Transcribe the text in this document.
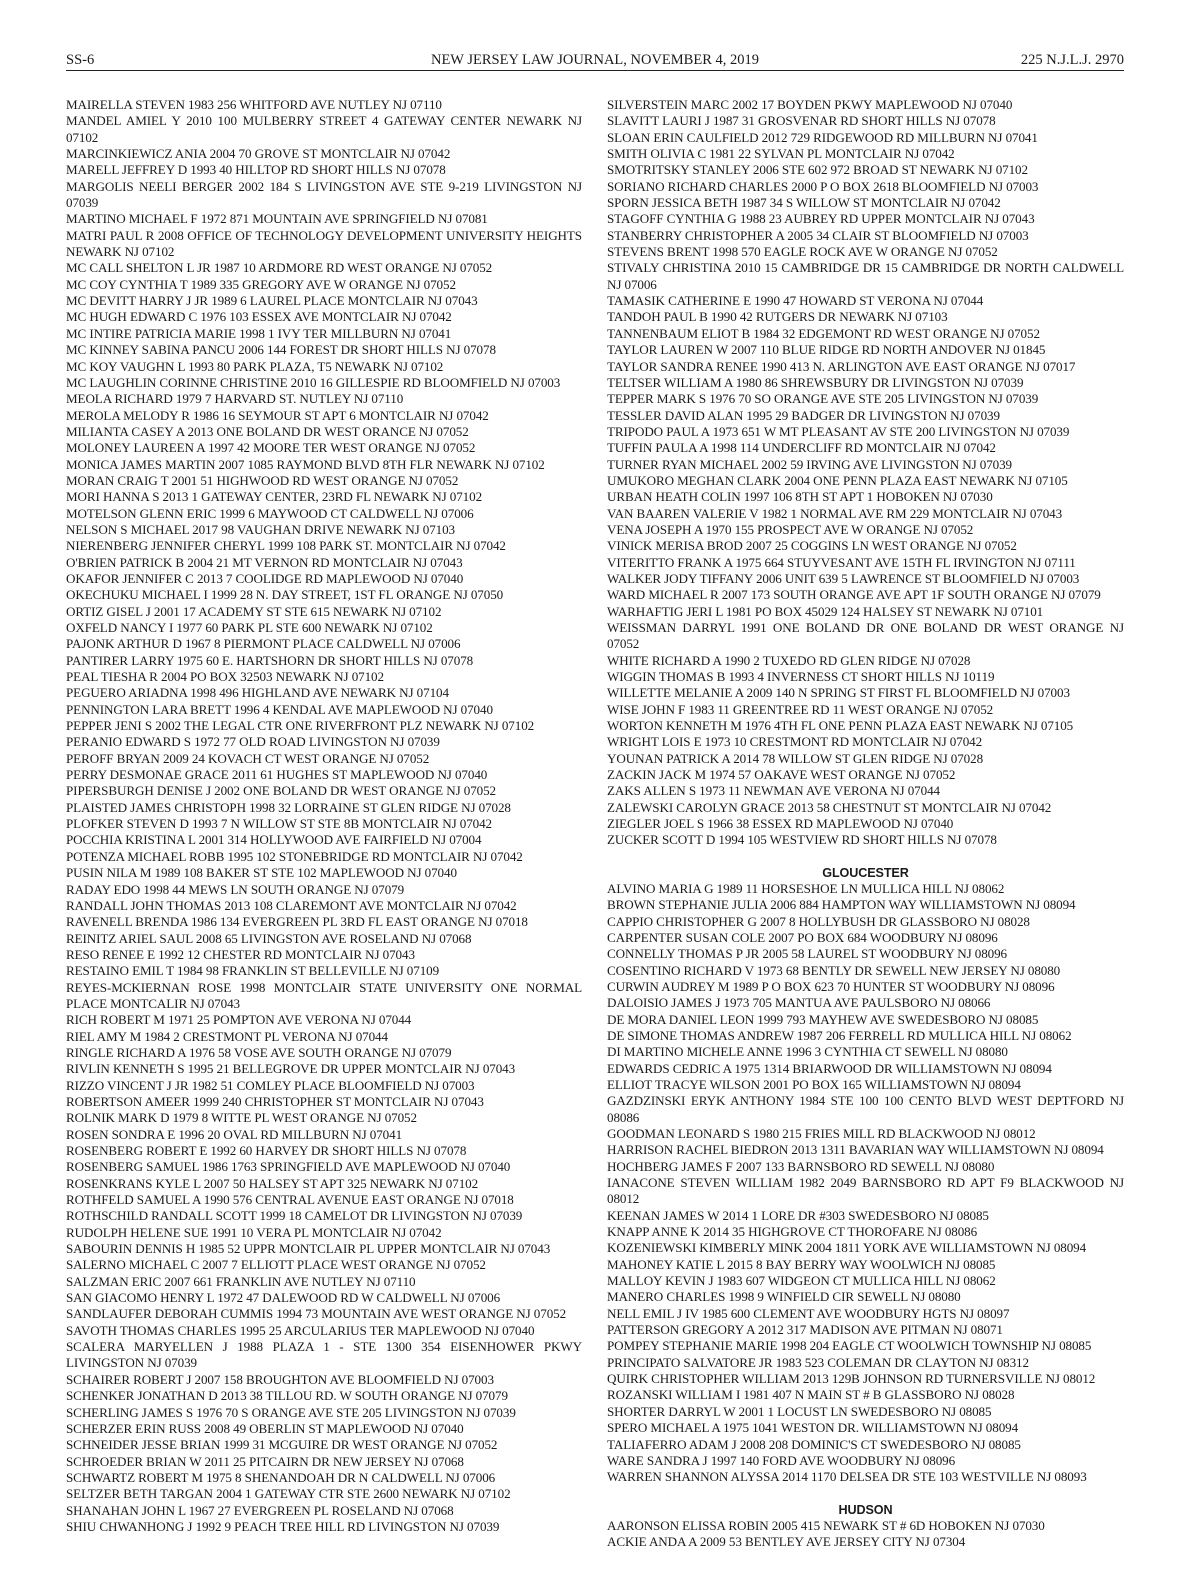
SS-6	NEW JERSEY LAW JOURNAL, NOVEMBER 4, 2019	225 N.J.L.J. 2970

MAIRELLA STEVEN 1983 256 WHITFORD AVE NUTLEY NJ 07110

MANDEL AMIEL Y 2010 100 MULBERRY STREET 4 GATEWAY CENTER NEWARK NJ 07102

MARCINKIEWICZ ANIA 2004 70 GROVE ST MONTCLAIR NJ 07042

MARELL JEFFREY D 1993 40 HILLTOP RD SHORT HILLS NJ 07078

MARGOLIS NEELI BERGER 2002 184 S LIVINGSTON AVE STE 9-219 LIVINGSTON NJ 07039

MARTINO MICHAEL F 1972 871 MOUNTAIN AVE SPRINGFIELD NJ 07081

MATRI PAUL R 2008 OFFICE OF TECHNOLOGY DEVELOPMENT UNIVERSITY HEIGHTS NEWARK NJ 07102

MC CALL SHELTON L JR 1987 10 ARDMORE RD WEST ORANGE NJ 07052

MC COY CYNTHIA T 1989 335 GREGORY AVE W ORANGE NJ 07052

MC DEVITT HARRY J JR 1989 6 LAUREL PLACE MONTCLAIR NJ 07043

MC HUGH EDWARD C 1976 103 ESSEX AVE MONTCLAIR NJ 07042

MC INTIRE PATRICIA MARIE 1998 1 IVY TER MILLBURN NJ 07041

MC KINNEY SABINA PANCU 2006 144 FOREST DR SHORT HILLS NJ 07078

MC KOY VAUGHN L 1993 80 PARK PLAZA, T5 NEWARK NJ 07102

MC LAUGHLIN CORINNE CHRISTINE 2010 16 GILLESPIE RD BLOOMFIELD NJ 07003

MEOLA RICHARD 1979 7 HARVARD ST. NUTLEY NJ 07110

MEROLA MELODY R 1986 16 SEYMOUR ST APT 6 MONTCLAIR NJ 07042

MILIANTA CASEY A 2013 ONE BOLAND DR WEST ORANCE NJ 07052

MOLONEY LAUREEN A 1997 42 MOORE TER WEST ORANGE NJ 07052

MONICA JAMES MARTIN 2007 1085 RAYMOND BLVD 8TH FLR NEWARK NJ 07102

MORAN CRAIG T 2001 51 HIGHWOOD RD WEST ORANGE NJ 07052

MORI HANNA S 2013 1 GATEWAY CENTER, 23RD FL NEWARK NJ 07102

MOTELSON GLENN ERIC 1999 6 MAYWOOD CT CALDWELL NJ 07006

NELSON S MICHAEL 2017 98 VAUGHAN DRIVE NEWARK NJ 07103

NIERENBERG JENNIFER CHERYL 1999 108 PARK ST. MONTCLAIR NJ 07042

O'BRIEN PATRICK B 2004 21 MT VERNON RD MONTCLAIR NJ 07043

OKAFOR JENNIFER C 2013 7 COOLIDGE RD MAPLEWOOD NJ 07040

OKECHUKU MICHAEL I 1999 28 N. DAY STREET, 1ST FL ORANGE NJ 07050

ORTIZ GISEL J 2001 17 ACADEMY ST STE 615 NEWARK NJ 07102

OXFELD NANCY I 1977 60 PARK PL STE 600 NEWARK NJ 07102

PAJONK ARTHUR D 1967 8 PIERMONT PLACE CALDWELL NJ 07006

PANTIRER LARRY 1975 60 E. HARTSHORN DR SHORT HILLS NJ 07078

PEAL TIESHA R 2004 PO BOX 32503 NEWARK NJ 07102

PEGUERO ARIADNA 1998 496 HIGHLAND AVE NEWARK NJ 07104

PENNINGTON LARA BRETT 1996 4 KENDAL AVE MAPLEWOOD NJ 07040

PEPPER JENI S 2002 THE LEGAL CTR ONE RIVERFRONT PLZ NEWARK NJ 07102

PERANIO EDWARD S 1972 77 OLD ROAD LIVINGSTON NJ 07039

PEROFF BRYAN 2009 24 KOVACH CT WEST ORANGE NJ 07052

PERRY DESMONAE GRACE 2011 61 HUGHES ST MAPLEWOOD NJ 07040

PIPERSBURGH DENISE J 2002 ONE BOLAND DR WEST ORANGE NJ 07052

PLAISTED JAMES CHRISTOPH 1998 32 LORRAINE ST GLEN RIDGE NJ 07028

PLOFKER STEVEN D 1993 7 N WILLOW ST STE 8B MONTCLAIR NJ 07042

POCCHIA KRISTINA L 2001 314 HOLLYWOOD AVE FAIRFIELD NJ 07004

POTENZA MICHAEL ROBB 1995 102 STONEBRIDGE RD MONTCLAIR NJ 07042

PUSIN NILA M 1989 108 BAKER ST STE 102 MAPLEWOOD NJ 07040

RADAY EDO 1998 44 MEWS LN SOUTH ORANGE NJ 07079

RANDALL JOHN THOMAS 2013 108 CLAREMONT AVE MONTCLAIR NJ 07042

RAVENELL BRENDA 1986 134 EVERGREEN PL 3RD FL EAST ORANGE NJ 07018

REINITZ ARIEL SAUL 2008 65 LIVINGSTON AVE ROSELAND NJ 07068

RESO RENEE E 1992 12 CHESTER RD MONTCLAIR NJ 07043

RESTAINO EMIL T 1984 98 FRANKLIN ST BELLEVILLE NJ 07109

REYES-MCKIERNAN ROSE 1998 MONTCLAIR STATE UNIVERSITY ONE NORMAL PLACE MONTCALIR NJ 07043

RICH ROBERT M 1971 25 POMPTON AVE VERONA NJ 07044

RIEL AMY M 1984 2 CRESTMONT PL VERONA NJ 07044

RINGLE RICHARD A 1976 58 VOSE AVE SOUTH ORANGE NJ 07079

RIVLIN KENNETH S 1995 21 BELLEGROVE DR UPPER MONTCLAIR NJ 07043

RIZZO VINCENT J JR 1982 51 COMLEY PLACE BLOOMFIELD NJ 07003

ROBERTSON AMEER 1999 240 CHRISTOPHER ST MONTCLAIR NJ 07043

ROLNIK MARK D 1979 8 WITTE PL WEST ORANGE NJ 07052

ROSEN SONDRA E 1996 20 OVAL RD MILLBURN NJ 07041

ROSENBERG ROBERT E 1992 60 HARVEY DR SHORT HILLS NJ 07078

ROSENBERG SAMUEL 1986 1763 SPRINGFIELD AVE MAPLEWOOD NJ 07040

ROSENKRANS KYLE L 2007 50 HALSEY ST APT 325 NEWARK NJ 07102

ROTHFELD SAMUEL A 1990 576 CENTRAL AVENUE EAST ORANGE NJ 07018

ROTHSCHILD RANDALL SCOTT 1999 18 CAMELOT DR LIVINGSTON NJ 07039

RUDOLPH HELENE SUE 1991 10 VERA PL MONTCLAIR NJ 07042

SABOURIN DENNIS H 1985 52 UPPR MONTCLAIR PL UPPER MONTCLAIR NJ 07043

SALERNO MICHAEL C 2007 7 ELLIOTT PLACE WEST ORANGE NJ 07052

SALZMAN ERIC 2007 661 FRANKLIN AVE NUTLEY NJ 07110

SAN GIACOMO HENRY L 1972 47 DALEWOOD RD W CALDWELL NJ 07006

SANDLAUFER DEBORAH CUMMIS 1994 73 MOUNTAIN AVE WEST ORANGE NJ 07052

SAVOTH THOMAS CHARLES 1995 25 ARCULARIUS TER MAPLEWOOD NJ 07040

SCALERA MARYELLEN J 1988 PLAZA 1 - STE 1300 354 EISENHOWER PKWY LIVINGSTON NJ 07039

SCHAIRER ROBERT J 2007 158 BROUGHTON AVE BLOOMFIELD NJ 07003

SCHENKER JONATHAN D 2013 38 TILLOU RD. W SOUTH ORANGE NJ 07079

SCHERLING JAMES S 1976 70 S ORANGE AVE STE 205 LIVINGSTON NJ 07039

SCHERZER ERIN RUSS 2008 49 OBERLIN ST MAPLEWOOD NJ 07040

SCHNEIDER JESSE BRIAN 1999 31 MCGUIRE DR WEST ORANGE NJ 07052

SCHROEDER BRIAN W 2011 25 PITCAIRN DR NEW JERSEY NJ 07068

SCHWARTZ ROBERT M 1975 8 SHENANDOAH DR N CALDWELL NJ 07006

SELTZER BETH TARGAN 2004 1 GATEWAY CTR STE 2600 NEWARK NJ 07102

SHANAHAN JOHN L 1967 27 EVERGREEN PL ROSELAND NJ 07068

SHIU CHWANHONG J 1992 9 PEACH TREE HILL RD LIVINGSTON NJ 07039

SILVERSTEIN MARC 2002 17 BOYDEN PKWY MAPLEWOOD NJ 07040

SLAVITT LAURI J 1987 31 GROSVENAR RD SHORT HILLS NJ 07078

SLOAN ERIN CAULFIELD 2012 729 RIDGEWOOD RD MILLBURN NJ 07041

SMITH OLIVIA C 1981 22 SYLVAN PL MONTCLAIR NJ 07042

SMOTRITSKY STANLEY 2006 STE 602 972 BROAD ST NEWARK NJ 07102

SORIANO RICHARD CHARLES 2000 P O BOX 2618 BLOOMFIELD NJ 07003

SPORN JESSICA BETH 1987 34 S WILLOW ST MONTCLAIR NJ 07042

STAGOFF CYNTHIA G 1988 23 AUBREY RD UPPER MONTCLAIR NJ 07043

STANBERRY CHRISTOPHER A 2005 34 CLAIR ST BLOOMFIELD NJ 07003

STEVENS BRENT 1998 570 EAGLE ROCK AVE W ORANGE NJ 07052

STIVALY CHRISTINA 2010 15 CAMBRIDGE DR 15 CAMBRIDGE DR NORTH CALDWELL NJ 07006

TAMASIK CATHERINE E 1990 47 HOWARD ST VERONA NJ 07044

TANDOH PAUL B 1990 42 RUTGERS DR NEWARK NJ 07103

TANNENBAUM ELIOT B 1984 32 EDGEMONT RD WEST ORANGE NJ 07052

TAYLOR LAUREN W 2007 110 BLUE RIDGE RD NORTH ANDOVER NJ 01845

TAYLOR SANDRA RENEE 1990 413 N. ARLINGTON AVE EAST ORANGE NJ 07017

TELTSER WILLIAM A 1980 86 SHREWSBURY DR LIVINGSTON NJ 07039

TEPPER MARK S 1976 70 SO ORANGE AVE STE 205 LIVINGSTON NJ 07039

TESSLER DAVID ALAN 1995 29 BADGER DR LIVINGSTON NJ 07039

TRIPODO PAUL A 1973 651 W MT PLEASANT AV STE 200 LIVINGSTON NJ 07039

TUFFIN PAULA A 1998 114 UNDERCLIFF RD MONTCLAIR NJ 07042

TURNER RYAN MICHAEL 2002 59 IRVING AVE LIVINGSTON NJ 07039

UMUKORO MEGHAN CLARK 2004 ONE PENN PLAZA EAST NEWARK NJ 07105

URBAN HEATH COLIN 1997 106 8TH ST APT 1 HOBOKEN NJ 07030

VAN BAAREN VALERIE V 1982 1 NORMAL AVE RM 229 MONTCLAIR NJ 07043

VENA JOSEPH A 1970 155 PROSPECT AVE W ORANGE NJ 07052

VINICK MERISA BROD 2007 25 COGGINS LN WEST ORANGE NJ 07052

VITERITTO FRANK A 1975 664 STUYVESANT AVE 15TH FL IRVINGTON NJ 07111

WALKER JODY TIFFANY 2006 UNIT 639 5 LAWRENCE ST BLOOMFIELD NJ 07003

WARD MICHAEL R 2007 173 SOUTH ORANGE AVE APT 1F SOUTH ORANGE NJ 07079

WARHAFTIG JERI L 1981 PO BOX 45029 124 HALSEY ST NEWARK NJ 07101

WEISSMAN DARRYL 1991 ONE BOLAND DR ONE BOLAND DR WEST ORANGE NJ 07052

WHITE RICHARD A 1990 2 TUXEDO RD GLEN RIDGE NJ 07028

WIGGIN THOMAS B 1993 4 INVERNESS CT SHORT HILLS NJ 10119

WILLETTE MELANIE A 2009 140 N SPRING ST FIRST FL BLOOMFIELD NJ 07003

WISE JOHN F 1983 11 GREENTREE RD 11 WEST ORANGE NJ 07052

WORTON KENNETH M 1976 4TH FL ONE PENN PLAZA EAST NEWARK NJ 07105

WRIGHT LOIS E 1973 10 CRESTMONT RD MONTCLAIR NJ 07042

YOUNAN PATRICK A 2014 78 WILLOW ST GLEN RIDGE NJ 07028

ZACKIN JACK M 1974 57 OAKAVE WEST ORANGE NJ 07052

ZAKS ALLEN S 1973 11 NEWMAN AVE VERONA NJ 07044

ZALEWSKI CAROLYN GRACE 2013 58 CHESTNUT ST MONTCLAIR NJ 07042

ZIEGLER JOEL S 1966 38 ESSEX RD MAPLEWOOD NJ 07040

ZUCKER SCOTT D 1994 105 WESTVIEW RD SHORT HILLS NJ 07078

GLOUCESTER

ALVINO MARIA G 1989 11 HORSESHOE LN MULLICA HILL NJ 08062

BROWN STEPHANIE JULIA 2006 884 HAMPTON WAY WILLIAMSTOWN NJ 08094

CAPPIO CHRISTOPHER G 2007 8 HOLLYBUSH DR GLASSBORO NJ 08028

CARPENTER SUSAN COLE 2007 PO BOX 684 WOODBURY NJ 08096

CONNELLY THOMAS P JR 2005 58 LAUREL ST WOODBURY NJ 08096

COSENTINO RICHARD V 1973 68 BENTLY DR SEWELL NEW JERSEY NJ 08080

CURWIN AUDREY M 1989 P O BOX 623 70 HUNTER ST WOODBURY NJ 08096

DALOISIO JAMES J 1973 705 MANTUA AVE PAULSBORO NJ 08066

DE MORA DANIEL LEON 1999 793 MAYHEW AVE SWEDESBORO NJ 08085

DE SIMONE THOMAS ANDREW 1987 206 FERRELL RD MULLICA HILL NJ 08062

DI MARTINO MICHELE ANNE 1996 3 CYNTHIA CT SEWELL NJ 08080

EDWARDS CEDRIC A 1975 1314 BRIARWOOD DR WILLIAMSTOWN NJ 08094

ELLIOT TRACYE WILSON 2001 PO BOX 165 WILLIAMSTOWN NJ 08094

GAZDZINSKI ERYK ANTHONY 1984 STE 100 100 CENTO BLVD WEST DEPTFORD NJ 08086

GOODMAN LEONARD S 1980 215 FRIES MILL RD BLACKWOOD NJ 08012

HARRISON RACHEL BIEDRON 2013 1311 BAVARIAN WAY WILLIAMSTOWN NJ 08094

HOCHBERG JAMES F 2007 133 BARNSBORO RD SEWELL NJ 08080

IANACONE STEVEN WILLIAM 1982 2049 BARNSBORO RD APT F9 BLACKWOOD NJ 08012

KEENAN JAMES W 2014 1 LORE DR #303 SWEDESBORO NJ 08085

KNAPP ANNE K 2014 35 HIGHGROVE CT THOROFARE NJ 08086

KOZENIEWSKI KIMBERLY MINK 2004 1811 YORK AVE WILLIAMSTOWN NJ 08094

MAHONEY KATIE L 2015 8 BAY BERRY WAY WOOLWICH NJ 08085

MALLOY KEVIN J 1983 607 WIDGEON CT MULLICA HILL NJ 08062

MANERO CHARLES 1998 9 WINFIELD CIR SEWELL NJ 08080

NELL EMIL J IV 1985 600 CLEMENT AVE WOODBURY HGTS NJ 08097

PATTERSON GREGORY A 2012 317 MADISON AVE PITMAN NJ 08071

POMPEY STEPHANIE MARIE 1998 204 EAGLE CT WOOLWICH TOWNSHIP NJ 08085

PRINCIPATO SALVATORE JR 1983 523 COLEMAN DR CLAYTON NJ 08312

QUIRK CHRISTOPHER WILLIAM 2013 129B JOHNSON RD TURNERSVILLE NJ 08012

ROZANSKI WILLIAM I 1981 407 N MAIN ST # B GLASSBORO NJ 08028

SHORTER DARRYL W 2001 1 LOCUST LN SWEDESBORO NJ 08085

SPERO MICHAEL A 1975 1041 WESTON DR. WILLIAMSTOWN NJ 08094

TALIAFERRO ADAM J 2008 208 DOMINIC'S CT SWEDESBORO NJ 08085

WARE SANDRA J 1997 140 FORD AVE WOODBURY NJ 08096

WARREN SHANNON ALYSSA 2014 1170 DELSEA DR STE 103 WESTVILLE NJ 08093

HUDSON

AARONSON ELISSA ROBIN 2005 415 NEWARK ST # 6D HOBOKEN NJ 07030

ACKIE ANDA A 2009 53 BENTLEY AVE JERSEY CITY NJ 07304
